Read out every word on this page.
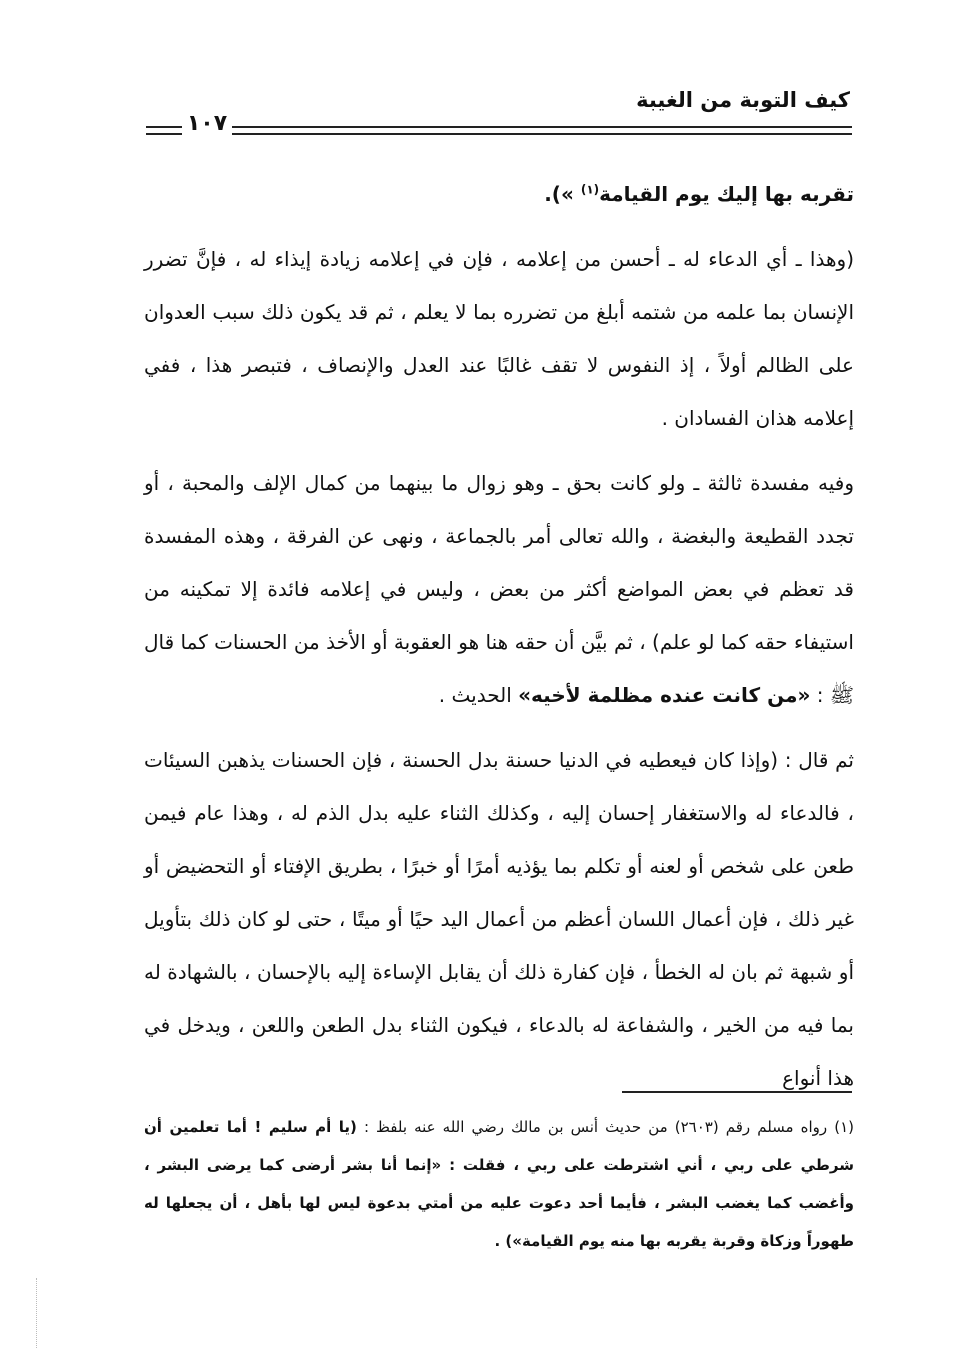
كيف التوبة من الغيبة
١٠٧

تقربه بها إليك يوم القيامة$^{(١)}$ »).

(وهذا ـ أي الدعاء له ـ أحسن من إعلامه ، فإن في إعلامه زيادة إيذاء له ، فإنَّ تضرر الإنسان بما علمه من شتمه أبلغ من تضرره بما لا يعلم ، ثم قد يكون ذلك سبب العدوان على الظالم أولاً ، إذ النفوس لا تقف غالبًا عند العدل والإنصاف ، فتبصر هذا ، ففي إعلامه هذان الفسادان .

وفيه مفسدة ثالثة ـ ولو كانت بحق ـ وهو زوال ما بينهما من كمال الإلف والمحبة ، أو تجدد القطيعة والبغضة ، والله تعالى أمر بالجماعة ، ونهى عن الفرقة ، وهذه المفسدة قد تعظم في بعض المواضع أكثر من بعض ، وليس في إعلامه فائدة إلا تمكينه من استيفاء حقه كما لو علم) ، ثم بيَّن أن حقه هنا هو العقوبة أو الأخذ من الحسنات كما قال ﷺ : «من كانت عنده مظلمة لأخيه» الحديث .

ثم قال : (وإذا كان فيعطيه في الدنيا حسنة بدل الحسنة ، فإن الحسنات يذهبن السيئات ، فالدعاء له والاستغفار إحسان إليه ، وكذلك الثناء عليه بدل الذم له ، وهذا عام فيمن طعن على شخص أو لعنه أو تكلم بما يؤذيه أمرًا أو خبرًا ، بطريق الإفتاء أو التحضيض أو غير ذلك ، فإن أعمال اللسان أعظم من أعمال اليد حيًا أو ميتًا ، حتى لو كان ذلك بتأويل أو شبهة ثم بان له الخطأ ، فإن كفارة ذلك أن يقابل الإساءة إليه بالإحسان ، بالشهادة له بما فيه من الخير ، والشفاعة له بالدعاء ، فيكون الثناء بدل الطعن واللعن ، ويدخل في هذا أنواع

(١) رواه مسلم رقم (٢٦٠٣) من حديث أنس بن مالك رضي الله عنه بلفظ : (يا أم سليم ! أما تعلمين أن شرطي على ربي ، أني اشترطت على ربي ، فقلت : «إنما أنا بشر أرضى كما يرضى البشر ، وأغضب كما يغضب البشر ، فأيما أحد دعوت عليه من أمتي بدعوة ليس لها بأهل ، أن يجعلها له طهوراً وزكاة وقربة يقربه بها منه يوم القيامة») .
